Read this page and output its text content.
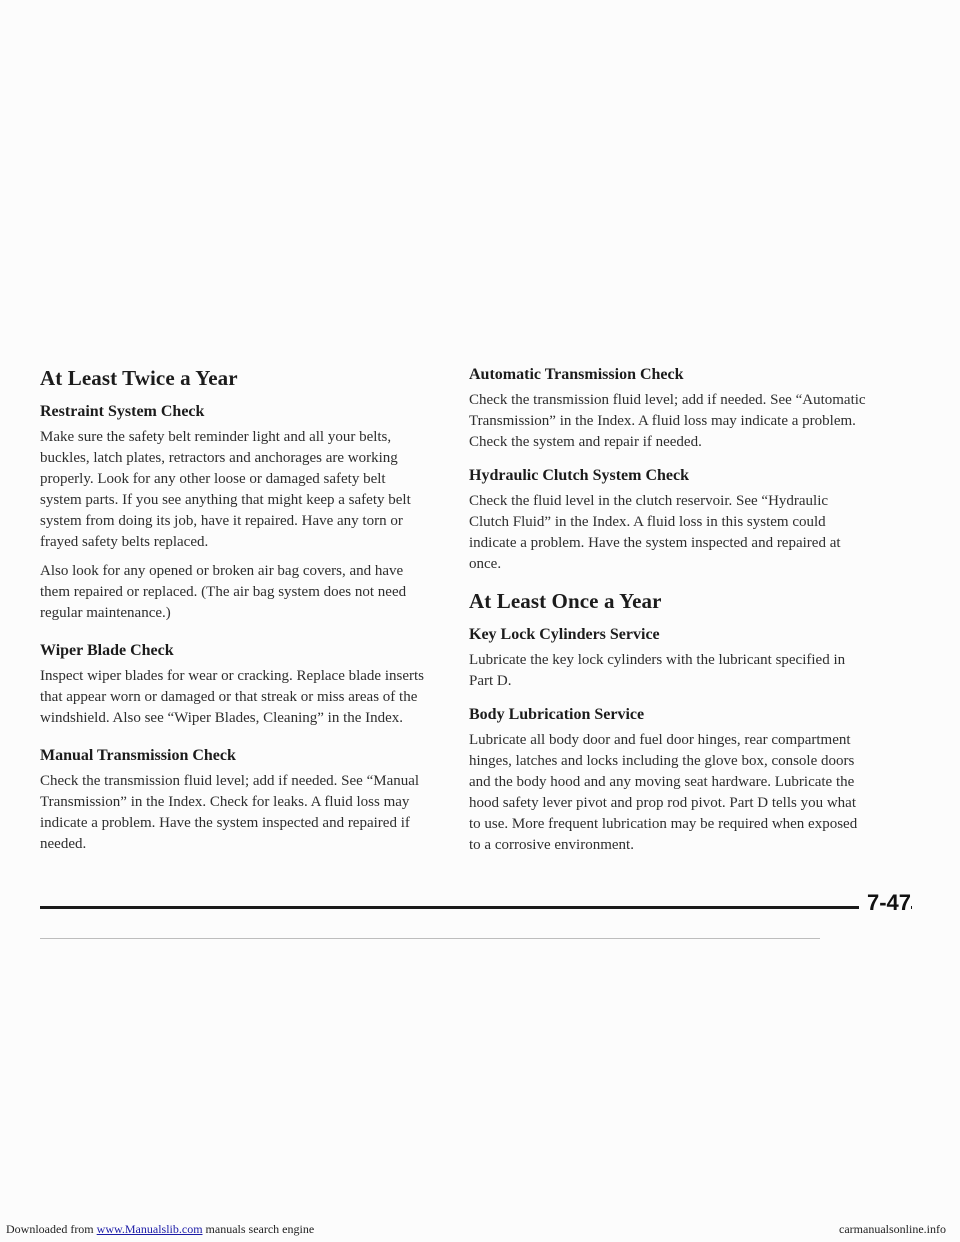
At Least Twice a Year
Restraint System Check

Make sure the safety belt reminder light and all your belts, buckles, latch plates, retractors and anchorages are working properly. Look for any other loose or damaged safety belt system parts. If you see anything that might keep a safety belt system from doing its job, have it repaired. Have any torn or frayed safety belts replaced.

Also look for any opened or broken air bag covers, and have them repaired or replaced. (The air bag system does not need regular maintenance.)

Wiper Blade Check

Inspect wiper blades for wear or cracking. Replace blade inserts that appear worn or damaged or that streak or miss areas of the windshield. Also see “Wiper Blades, Cleaning” in the Index.

Manual Transmission Check

Check the transmission fluid level; add if needed. See “Manual Transmission” in the Index. Check for leaks. A fluid loss may indicate a problem. Have the system inspected and repaired if needed.

Automatic Transmission Check

Check the transmission fluid level; add if needed. See “Automatic Transmission” in the Index. A fluid loss may indicate a problem. Check the system and repair if needed.

Hydraulic Clutch System Check

Check the fluid level in the clutch reservoir. See “Hydraulic Clutch Fluid” in the Index. A fluid loss in this system could indicate a problem. Have the system inspected and repaired at once.

At Least Once a Year
Key Lock Cylinders Service

Lubricate the key lock cylinders with the lubricant specified in Part D.

Body Lubrication Service

Lubricate all body door and fuel door hinges, rear compartment hinges, latches and locks including the glove box, console doors and the body hood and any moving seat hardware. Lubricate the hood safety lever pivot and prop rod pivot. Part D tells you what to use. More frequent lubrication may be required when exposed to a corrosive environment.

7-47
Downloaded from www.Manualslib.com manuals search engine	carmanualsonline.info
